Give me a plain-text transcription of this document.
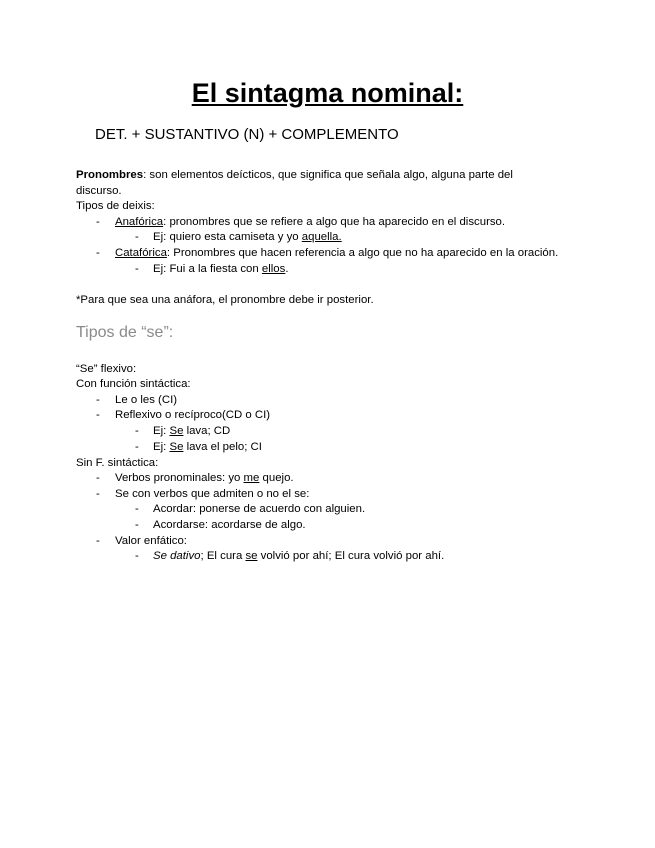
El sintagma nominal:
DET. + SUSTANTIVO (N) + COMPLEMENTO
Pronombres: son elementos deícticos, que significa que señala algo, alguna parte del
discurso.
Tipos de deixis:
- Anafórica: pronombres que se refiere a algo que ha aparecido en el discurso.
- Ej: quiero esta camiseta y yo aquella.
- Catafórica: Pronombres que hacen referencia a algo que no ha aparecido en la oración.
- Ej: Fui a la fiesta con ellos.
*Para que sea una anáfora, el pronombre debe ir posterior.
Tipos de “se”:
“Se” flexivo:
Con función sintáctica:
- Le o les (CI)
- Reflexivo o recíproco(CD o CI)
- Ej: Se lava; CD
- Ej: Se lava el pelo; CI
Sin F. sintáctica:
- Verbos pronominales: yo me quejo.
- Se con verbos que admiten o no el se:
- Acordar: ponerse de acuerdo con alguien.
- Acordarse: acordarse de algo.
- Valor enfático:
- Se dativo; El cura se volvió por ahí; El cura volvió por ahí.
